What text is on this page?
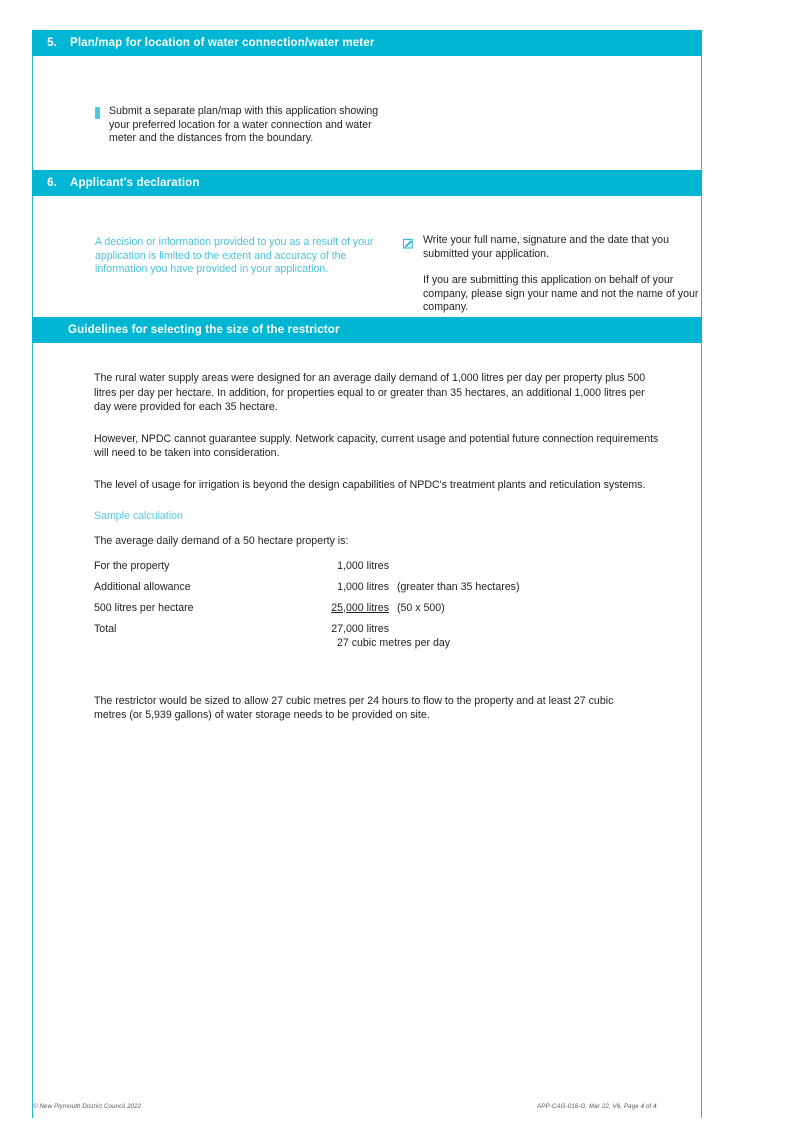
5.	Plan/map for location of water connection/water meter
Submit a separate plan/map with this application showing your preferred location for a water connection and water meter and the distances from the boundary.
6.	Applicant's declaration
A decision or information provided to you as a result of your application is limited to the extent and accuracy of the information you have provided in your application.
Write your full name, signature and the date that you submitted your application.
If you are submitting this application on behalf of your company, please sign your name and not the name of your company.
Guidelines for selecting the size of the restrictor

The rural water supply areas were designed for an average daily demand of 1,000 litres per day per property plus 500 litres per day per hectare. In addition, for properties equal to or greater than 35 hectares, an additional 1,000 litres per day were provided for each 35 hectare.

However, NPDC cannot guarantee supply. Network capacity, current usage and potential future connection requirements will need to be taken into consideration.

The level of usage for irrigation is beyond the design capabilities of NPDC's treatment plants and reticulation systems.

Sample calculation
The average daily demand of a 50 hectare property is:
For the property	1,000 litres	
Additional allowance	1,000 litres	(greater than 35 hectares)
500 litres per hectare	25,000 litres	(50 x 500)
Total	27,000 litres	
	27 cubic metres per day	

The restrictor would be sized to allow 27 cubic metres per 24 hours to flow to the property and at least 27 cubic metres (or 5,939 gallons) of water storage needs to be provided on site.

© New Plymouth District Council 2022	APP-CAG-016-G, Mar 22, V6, Page 4 of 4
